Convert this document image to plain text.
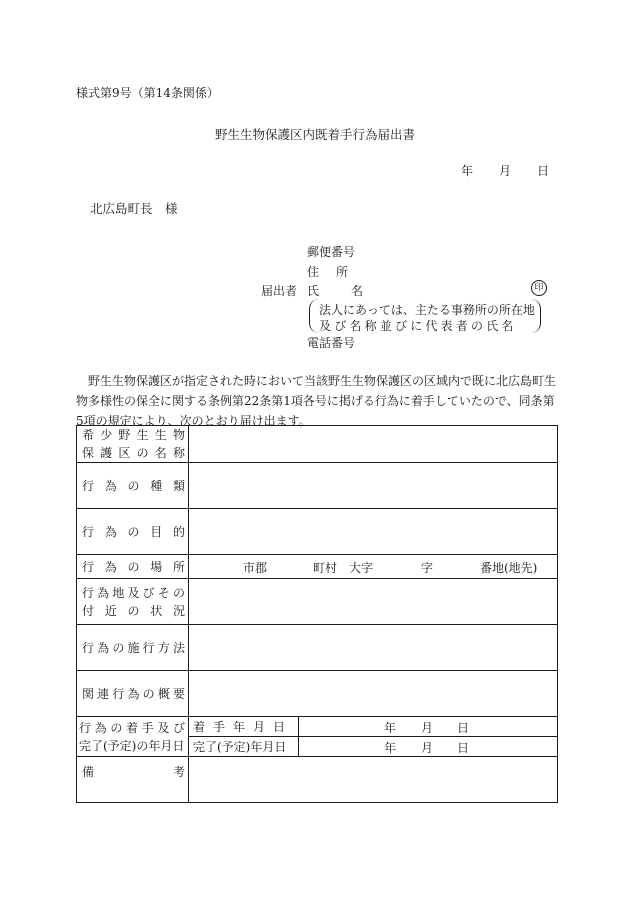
様式第9号（第14条関係）
野生生物保護区内既着手行為届出書
年 月 日
北広島町長　様
郵便番号
住所
届出者 氏名	印
法人にあっては、主たる事務所の所在地
及び名称並びに代表者の氏名
電話番号
野生生物保護区が指定された時において当該野生生物保護区の区域内で既に北広島町生物多様性の保全に関する条例第22条第1項各号に掲げる行為に着手していたので、同条第5項の規定により、次のとおり届け出ます。
希少野生生物
保護区の名称		

行為の種類		

行為の目的		

行為の場所	市郡 町村 大字 字 番地(地先)	

行為地及びその
付近の状況		

行為の施行方法		

関連行為の概要		

行為の着手及び
完了(予定)の年月日	着手年月日	年 月 日

	完了(予定)年月日	年 月 日

備考		
